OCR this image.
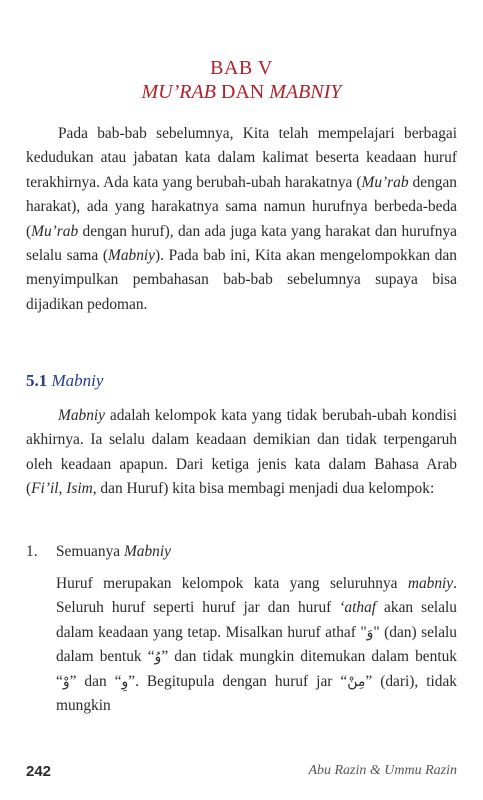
BAB V
MU’RAB DAN MABNIY

Pada bab-bab sebelumnya, Kita telah mempelajari berbagai kedudukan atau jabatan kata dalam kalimat beserta keadaan huruf terakhirnya. Ada kata yang berubah-ubah harakatnya (Mu’rab dengan harakat), ada yang harakatnya sama namun hurufnya berbeda-beda (Mu’rab dengan huruf), dan ada juga kata yang harakat dan hurufnya selalu sama (Mabniy). Pada bab ini, Kita akan mengelompokkan dan menyimpulkan pembahasan bab-bab sebelumnya supaya bisa dijadikan pedoman.

5.1 Mabniy

Mabniy adalah kelompok kata yang tidak berubah-ubah kondisi akhirnya. Ia selalu dalam keadaan demikian dan tidak terpengaruh oleh keadaan apapun. Dari ketiga jenis kata dalam Bahasa Arab (Fi’il, Isim, dan Huruf) kita bisa membagi menjadi dua kelompok:

1. Semuanya Mabniy

Huruf merupakan kelompok kata yang seluruhnya mabniy. Seluruh huruf seperti huruf jar dan huruf ‘athaf akan selalu dalam keadaan yang tetap. Misalkan huruf athaf "وَ" (dan) selalu dalam bentuk “وُ” dan tidak mungkin ditemukan dalam bentuk “وْ” dan “وِ”. Begitupula dengan huruf jar “مِنْ” (dari), tidak mungkin

242	Abu Razin & Ummu Razin
